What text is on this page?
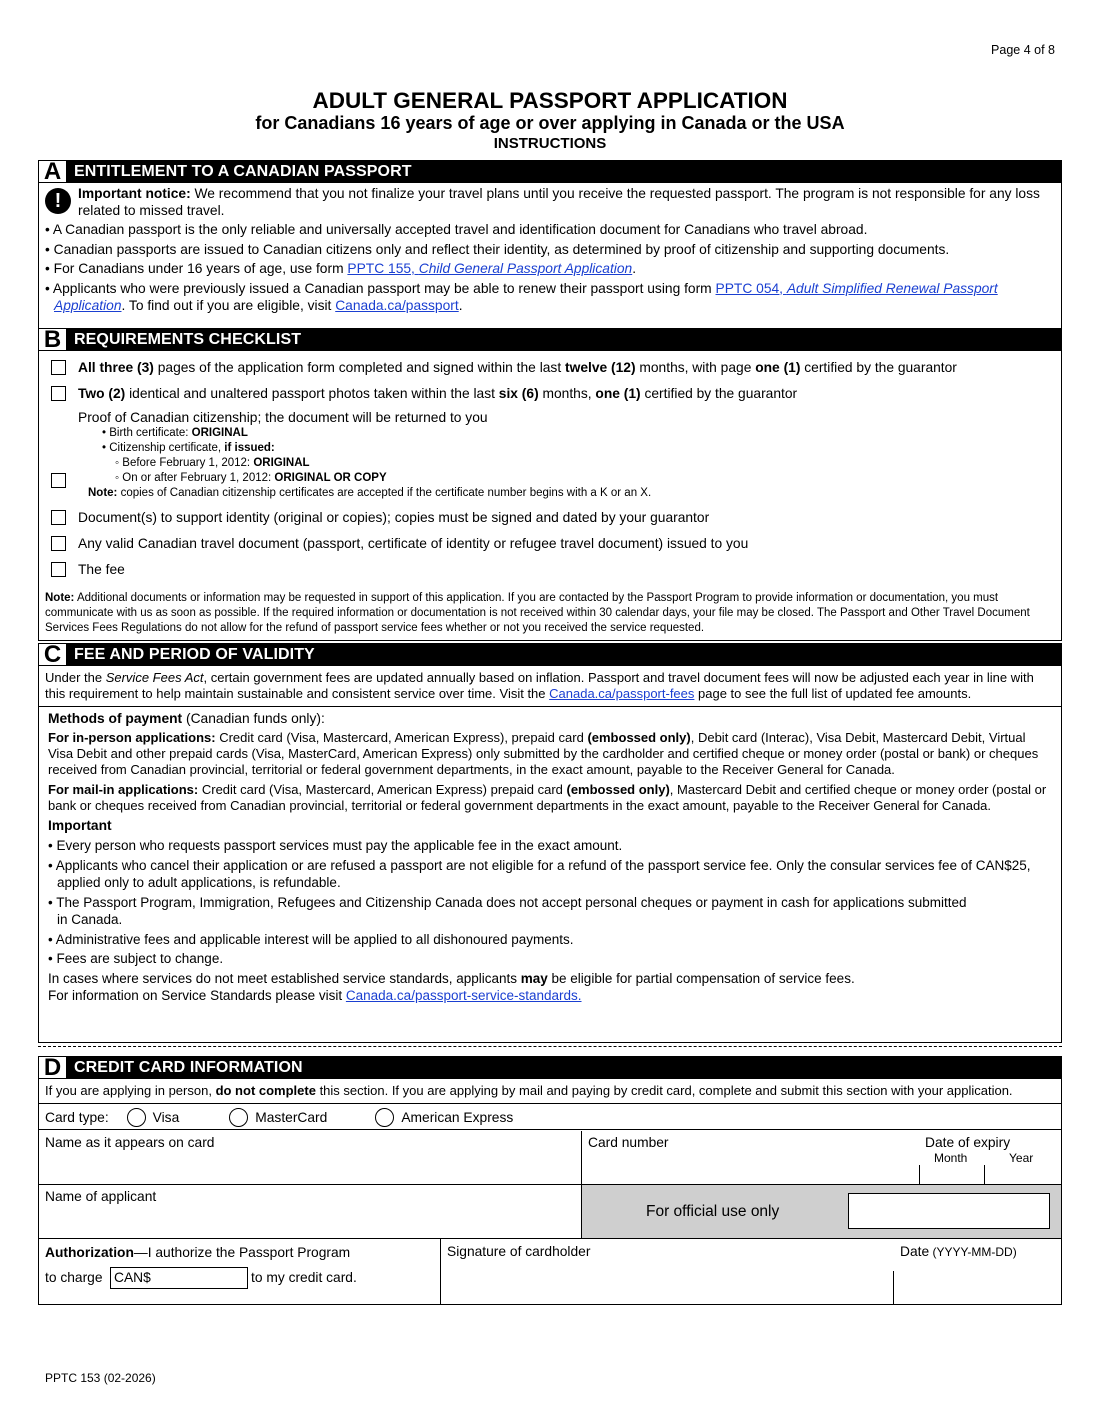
Page 4 of 8
ADULT GENERAL PASSPORT APPLICATION
for Canadians 16 years of age or over applying in Canada or the USA
INSTRUCTIONS
A ENTITLEMENT TO A CANADIAN PASSPORT
!	Important notice: We recommend that you not finalize your travel plans until you receive the requested passport. The program is not responsible for any loss related to missed travel.
• A Canadian passport is the only reliable and universally accepted travel and identification document for Canadians who travel abroad.
• Canadian passports are issued to Canadian citizens only and reflect their identity, as determined by proof of citizenship and supporting documents.
• For Canadians under 16 years of age, use form PPTC 155, Child General Passport Application.
• Applicants who were previously issued a Canadian passport may be able to renew their passport using form PPTC 054, Adult Simplified Renewal Passport Application. To find out if you are eligible, visit Canada.ca/passport.
B REQUIREMENTS CHECKLIST
All three (3) pages of the application form completed and signed within the last twelve (12) months, with page one (1) certified by the guarantor
Two (2) identical and unaltered passport photos taken within the last six (6) months, one (1) certified by the guarantor
Proof of Canadian citizenship; the document will be returned to you
• Birth certificate: ORIGINAL
• Citizenship certificate, if issued:
◦ Before February 1, 2012: ORIGINAL
◦ On or after February 1, 2012: ORIGINAL OR COPY
Note: copies of Canadian citizenship certificates are accepted if the certificate number begins with a K or an X.
Document(s) to support identity (original or copies); copies must be signed and dated by your guarantor
Any valid Canadian travel document (passport, certificate of identity or refugee travel document) issued to you
The fee
Note: Additional documents or information may be requested in support of this application. If you are contacted by the Passport Program to provide information or documentation, you must communicate with us as soon as possible. If the required information or documentation is not received within 30 calendar days, your file may be closed. The Passport and Other Travel Document Services Fees Regulations do not allow for the refund of passport service fees whether or not you received the service requested.
C FEE AND PERIOD OF VALIDITY
Under the Service Fees Act, certain government fees are updated annually based on inflation. Passport and travel document fees will now be adjusted each year in line with this requirement to help maintain sustainable and consistent service over time. Visit the Canada.ca/passport-fees page to see the full list of updated fee amounts.
Methods of payment (Canadian funds only):
For in-person applications: Credit card (Visa, Mastercard, American Express), prepaid card (embossed only), Debit card (Interac), Visa Debit, Mastercard Debit, Virtual Visa Debit and other prepaid cards (Visa, MasterCard, American Express) only submitted by the cardholder and certified cheque or money order (postal or bank) or cheques received from Canadian provincial, territorial or federal government departments, in the exact amount, payable to the Receiver General for Canada.
For mail-in applications: Credit card (Visa, Mastercard, American Express) prepaid card (embossed only), Mastercard Debit and certified cheque or money order (postal or bank or cheques received from Canadian provincial, territorial or federal government departments in the exact amount, payable to the Receiver General for Canada.
Important
• Every person who requests passport services must pay the applicable fee in the exact amount.
• Applicants who cancel their application or are refused a passport are not eligible for a refund of the passport service fee. Only the consular services fee of CAN$25, applied only to adult applications, is refundable.
• The Passport Program, Immigration, Refugees and Citizenship Canada does not accept personal cheques or payment in cash for applications submitted in Canada.
• Administrative fees and applicable interest will be applied to all dishonoured payments.
• Fees are subject to change.
In cases where services do not meet established service standards, applicants may be eligible for partial compensation of service fees.
For information on Service Standards please visit Canada.ca/passport-service-standards.
D CREDIT CARD INFORMATION
If you are applying in person, do not complete this section. If you are applying by mail and paying by credit card, complete and submit this section with your application.
Card type:	Visa	MasterCard	American Express
Name as it appears on card	Card number	Date of expiry
Month	Year
Name of applicant
For official use only
Authorization—I authorize the Passport Program
to charge CAN$	to my credit card.
Signature of cardholder	Date (YYYY-MM-DD)
PPTC 153 (02-2026)
